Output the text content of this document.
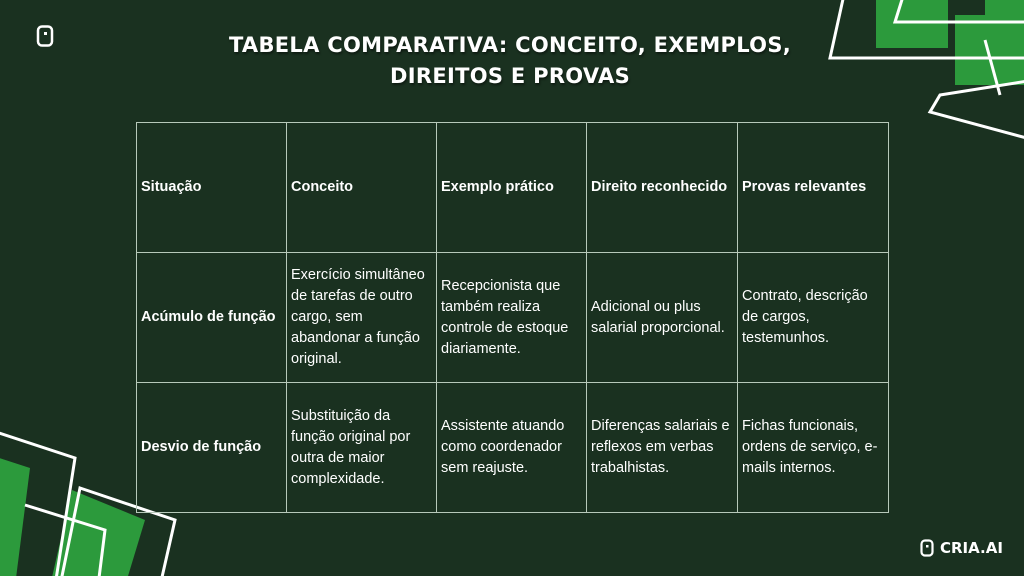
TABELA COMPARATIVA: CONCEITO, EXEMPLOS,
DIREITOS E PROVAS
Situação	Conceito	Exemplo prático	Direito reconhecido	Provas relevantes
Acúmulo de função	Exercício simultâneo de tarefas de outro cargo, sem abandonar a função original.	Recepcionista que também realiza controle de estoque diariamente.	Adicional ou plus salarial proporcional.	Contrato, descrição de cargos, testemunhos.
Desvio de função	Substituição da função original por outra de maior complexidade.	Assistente atuando como coordenador sem reajuste.	Diferenças salariais e reflexos em verbas trabalhistas.	Fichas funcionais, ordens de serviço, e-mails internos.
CRIA.AI
